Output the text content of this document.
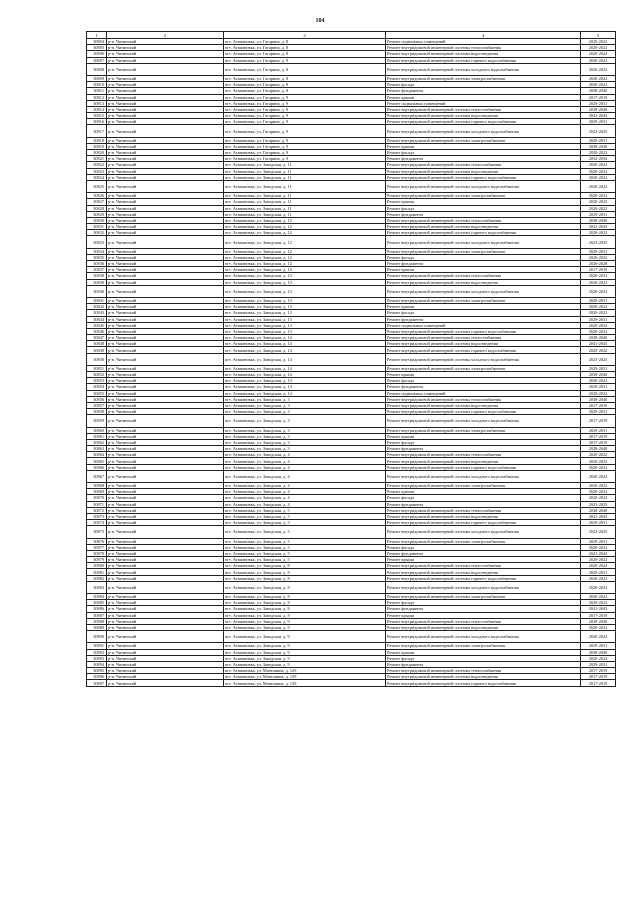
104
1	2	3	4	5
30804	р-н. Читинский	пгт. Атамановка, ул. Гагарина, д. 8	Ремонт подвальных помещений	2020-2022
30805	р-н. Читинский	пгт. Атамановка, ул. Гагарина, д. 8	Ремонт внутридомовой инженерной системы теплоснабжения	2020-2022
30806	р-н. Читинский	пгт. Атамановка, ул. Гагарина, д. 8	Ремонт внутридомовой инженерной системы водоотведения	2020-2022
30807	р-н. Читинский	пгт. Атамановка, ул. Гагарина, д. 8	Ремонт внутридомовой инженерной системы горячего водоснабжения	2020-2022
30808	р-н. Читинский	пгт. Атамановка, ул. Гагарина, д. 8	Ремонт внутридомовой инженерной системы холодного водоснабжения	2020-2022
30809	р-н. Читинский	пгт. Атамановка, ул. Гагарина, д. 8	Ремонт внутридомовой инженерной системы электроснабжения	2020-2022
30810	р-н. Читинский	пгт. Атамановка, ул. Гагарина, д. 8	Ремонт фасада	2020-2022
30811	р-н. Читинский	пгт. Атамановка, ул. Гагарина, д. 8	Ремонт фундамента	2038-2040
30812	р-н. Читинский	пгт. Атамановка, ул. Гагарина, д. 9	Ремонт крыши	2017-2019
30813	р-н. Читинский	пгт. Атамановка, ул. Гагарина, д. 9	Ремонт подвальных помещений	2029-2031
30814	р-н. Читинский	пгт. Атамановка, ул. Гагарина, д. 9	Ремонт внутридомовой инженерной системы теплоснабжения	2038-2040
30815	р-н. Читинский	пгт. Атамановка, ул. Гагарина, д. 9	Ремонт внутридомовой инженерной системы водоотведения	2041-2043
30816	р-н. Читинский	пгт. Атамановка, ул. Гагарина, д. 9	Ремонт внутридомовой инженерной системы горячего водоснабжения	2029-2031
30817	р-н. Читинский	пгт. Атамановка, ул. Гагарина, д. 9	Ремонт внутридомовой инженерной системы холодного водоснабжения	2023-2025
30818	р-н. Читинский	пгт. Атамановка, ул. Гагарина, д. 9	Ремонт внутридомовой инженерной системы электроснабжения	2029-2031
30819	р-н. Читинский	пгт. Атамановка, ул. Гагарина, д. 9	Ремонт крыши	2038-2040
30820	р-н. Читинский	пгт. Атамановка, ул. Гагарина, д. 9	Ремонт фасада	2020-2022
30821	р-н. Читинский	пгт. Атамановка, ул. Гагарина, д. 9	Ремонт фундамента	2032-2034
30822	р-н. Читинский	пгт. Атамановка, ул. Заводская, д. 11	Ремонт внутридомовой инженерной системы теплоснабжения	2020-2022
30823	р-н. Читинский	пгт. Атамановка, ул. Заводская, д. 11	Ремонт внутридомовой инженерной системы водоотведения	2020-2022
30824	р-н. Читинский	пгт. Атамановка, ул. Заводская, д. 11	Ремонт внутридомовой инженерной системы горячего водоснабжения	2020-2022
30825	р-н. Читинский	пгт. Атамановка, ул. Заводская, д. 11	Ремонт внутридомовой инженерной системы холодного водоснабжения	2020-2022
30826	р-н. Читинский	пгт. Атамановка, ул. Заводская, д. 11	Ремонт внутридомовой инженерной системы электроснабжения	2020-2022
30827	р-н. Читинский	пгт. Атамановка, ул. Заводская, д. 11	Ремонт крыши	2020-2022
30828	р-н. Читинский	пгт. Атамановка, ул. Заводская, д. 11	Ремонт фасада	2020-2022
30829	р-н. Читинский	пгт. Атамановка, ул. Заводская, д. 11	Ремонт фундамента	2029-2031
30830	р-н. Читинский	пгт. Атамановка, ул. Заводская, д. 12	Ремонт внутридомовой инженерной системы теплоснабжения	2038-2040
30831	р-н. Читинский	пгт. Атамановка, ул. Заводская, д. 12	Ремонт внутридомовой инженерной системы водоотведения	2041-2043
30832	р-н. Читинский	пгт. Атамановка, ул. Заводская, д. 12	Ремонт внутридомовой инженерной системы горячего водоснабжения	2020-2022
30833	р-н. Читинский	пгт. Атамановка, ул. Заводская, д. 12	Ремонт внутридомовой инженерной системы холодного водоснабжения	2023-2025
30834	р-н. Читинский	пгт. Атамановка, ул. Заводская, д. 12	Ремонт внутридомовой инженерной системы электроснабжения	2029-2031
30835	р-н. Читинский	пгт. Атамановка, ул. Заводская, д. 12	Ремонт фасада	2020-2022
30836	р-н. Читинский	пгт. Атамановка, ул. Заводская, д. 12	Ремонт фундамента	2026-2028
30837	р-н. Читинский	пгт. Атамановка, ул. Заводская, д. 13	Ремонт крыши	2017-2019
30838	р-н. Читинский	пгт. Атамановка, ул. Заводская, д. 13	Ремонт внутридомовой инженерной системы теплоснабжения	2020-2022
30839	р-н. Читинский	пгт. Атамановка, ул. Заводская, д. 13	Ремонт внутридомовой инженерной системы водоотведения	2020-2022
30840	р-н. Читинский	пгт. Атамановка, ул. Заводская, д. 13	Ремонт внутридомовой инженерной системы холодного водоснабжения	2020-2022
30841	р-н. Читинский	пгт. Атамановка, ул. Заводская, д. 13	Ремонт внутридомовой инженерной системы электроснабжения	2029-2031
30842	р-н. Читинский	пгт. Атамановка, ул. Заводская, д. 13	Ремонт крыши	2020-2022
30843	р-н. Читинский	пгт. Атамановка, ул. Заводская, д. 13	Ремонт фасада	2020-2022
30844	р-н. Читинский	пгт. Атамановка, ул. Заводская, д. 13	Ремонт фундамента	2029-2031
30845	р-н. Читинский	пгт. Атамановка, ул. Заводская, д. 13	Ремонт подвальных помещений	2020-2022
30846	р-н. Читинский	пгт. Атамановка, ул. Заводская, д. 13	Ремонт внутридомовой инженерной системы горячего водоснабжения	2020-2022
30847	р-н. Читинский	пгт. Атамановка, ул. Заводская, д. 14	Ремонт внутридомовой инженерной системы теплоснабжения	2038-2040
30848	р-н. Читинский	пгт. Атамановка, ул. Заводская, д. 14	Ремонт внутридомовой инженерной системы водоотведения	2041-2043
30849	р-н. Читинский	пгт. Атамановка, ул. Заводская, д. 14	Ремонт внутридомовой инженерной системы горячего водоснабжения	2020-2022
30850	р-н. Читинский	пгт. Атамановка, ул. Заводская, д. 14	Ремонт внутридомовой инженерной системы холодного водоснабжения	2023-2025
30851	р-н. Читинский	пгт. Атамановка, ул. Заводская, д. 14	Ремонт внутридомовой инженерной системы электроснабжения	2029-2031
30852	р-н. Читинский	пгт. Атамановка, ул. Заводская, д. 14	Ремонт крыши	2038-2040
30853	р-н. Читинский	пгт. Атамановка, ул. Заводская, д. 14	Ремонт фасада	2020-2022
30854	р-н. Читинский	пгт. Атамановка, ул. Заводская, д. 14	Ремонт фундамента	2029-2031
30855	р-н. Читинский	пгт. Атамановка, ул. Заводская, д. 14	Ремонт подвальных помещений	2020-2022
30856	р-н. Читинский	пгт. Атамановка, ул. Заводская, д. 3	Ремонт внутридомовой инженерной системы теплоснабжения	2038-2040
30857	р-н. Читинский	пгт. Атамановка, ул. Заводская, д. 3	Ремонт внутридомовой инженерной системы водоотведения	2017-2019
30858	р-н. Читинский	пгт. Атамановка, ул. Заводская, д. 3	Ремонт внутридомовой инженерной системы горячего водоснабжения	2029-2031
30859	р-н. Читинский	пгт. Атамановка, ул. Заводская, д. 3	Ремонт внутридомовой инженерной системы холодного водоснабжения	2017-2019
30860	р-н. Читинский	пгт. Атамановка, ул. Заводская, д. 3	Ремонт внутридомовой инженерной системы электроснабжения	2029-2031
30861	р-н. Читинский	пгт. Атамановка, ул. Заводская, д. 3	Ремонт крыши	2017-2019
30862	р-н. Читинский	пгт. Атамановка, ул. Заводская, д. 3	Ремонт фасада	2017-2019
30863	р-н. Читинский	пгт. Атамановка, ул. Заводская, д. 3	Ремонт фундамента	2038-2040
30864	р-н. Читинский	пгт. Атамановка, ул. Заводская, д. 4	Ремонт внутридомовой инженерной системы теплоснабжения	2020-2022
30865	р-н. Читинский	пгт. Атамановка, ул. Заводская, д. 4	Ремонт внутридомовой инженерной системы водоотведения	2020-2022
30866	р-н. Читинский	пгт. Атамановка, ул. Заводская, д. 4	Ремонт внутридомовой инженерной системы горячего водоснабжения	2020-2022
30867	р-н. Читинский	пгт. Атамановка, ул. Заводская, д. 4	Ремонт внутридомовой инженерной системы холодного водоснабжения	2020-2022
30868	р-н. Читинский	пгт. Атамановка, ул. Заводская, д. 4	Ремонт внутридомовой инженерной системы электроснабжения	2020-2022
30869	р-н. Читинский	пгт. Атамановка, ул. Заводская, д. 4	Ремонт крыши	2020-2022
30870	р-н. Читинский	пгт. Атамановка, ул. Заводская, д. 4	Ремонт фасада	2020-2022
30871	р-н. Читинский	пгт. Атамановка, ул. Заводская, д. 4	Ремонт фундамента	2023-2025
30872	р-н. Читинский	пгт. Атамановка, ул. Заводская, д. 5	Ремонт внутридомовой инженерной системы теплоснабжения	2038-2040
30873	р-н. Читинский	пгт. Атамановка, ул. Заводская, д. 5	Ремонт внутридомовой инженерной системы водоотведения	2041-2043
30874	р-н. Читинский	пгт. Атамановка, ул. Заводская, д. 5	Ремонт внутридомовой инженерной системы горячего водоснабжения	2029-2031
30875	р-н. Читинский	пгт. Атамановка, ул. Заводская, д. 5	Ремонт внутридомовой инженерной системы холодного водоснабжения	2023-2025
30876	р-н. Читинский	пгт. Атамановка, ул. Заводская, д. 5	Ремонт внутридомовой инженерной системы электроснабжения	2029-2031
30877	р-н. Читинский	пгт. Атамановка, ул. Заводская, д. 5	Ремонт фасада	2020-2022
30878	р-н. Читинский	пгт. Атамановка, ул. Заводская, д. 5	Ремонт фундамента	2041-2043
30879	р-н. Читинский	пгт. Атамановка, ул. Заводская, д. 5	Ремонт крыши	2020-2022
30880	р-н. Читинский	пгт. Атамановка, ул. Заводская, д. 8	Ремонт внутридомовой инженерной системы теплоснабжения	2020-2022
30881	р-н. Читинский	пгт. Атамановка, ул. Заводская, д. 8	Ремонт внутридомовой инженерной системы водоотведения	2029-2031
30882	р-н. Читинский	пгт. Атамановка, ул. Заводская, д. 8	Ремонт внутридомовой инженерной системы горячего водоснабжения	2020-2022
30883	р-н. Читинский	пгт. Атамановка, ул. Заводская, д. 8	Ремонт внутридомовой инженерной системы холодного водоснабжения	2020-2022
30884	р-н. Читинский	пгт. Атамановка, ул. Заводская, д. 8	Ремонт внутридомовой инженерной системы электроснабжения	2020-2022
30885	р-н. Читинский	пгт. Атамановка, ул. Заводская, д. 8	Ремонт фасада	2020-2022
30886	р-н. Читинский	пгт. Атамановка, ул. Заводская, д. 8	Ремонт фундамента	2041-2043
30887	р-н. Читинский	пгт. Атамановка, ул. Заводская, д. 8	Ремонт крыши	2017-2019
30888	р-н. Читинский	пгт. Атамановка, ул. Заводская, д. 9	Ремонт внутридомовой инженерной системы теплоснабжения	2038-2040
30889	р-н. Читинский	пгт. Атамановка, ул. Заводская, д. 9	Ремонт внутридомовой инженерной системы водоотведения	2020-2022
30890	р-н. Читинский	пгт. Атамановка, ул. Заводская, д. 9	Ремонт внутридомовой инженерной системы холодного водоснабжения	2020-2022
30891	р-н. Читинский	пгт. Атамановка, ул. Заводская, д. 9	Ремонт внутридомовой инженерной системы электроснабжения	2029-2031
30892	р-н. Читинский	пгт. Атамановка, ул. Заводская, д. 9	Ремонт крыши	2038-2040
30893	р-н. Читинский	пгт. Атамановка, ул. Заводская, д. 9	Ремонт фасада	2020-2022
30894	р-н. Читинский	пгт. Атамановка, ул. Заводская, д. 9	Ремонт фундамента	2029-2031
30895	р-н. Читинский	пгт. Атамановка, ул. Матюшина, д. 129	Ремонт внутридомовой инженерной системы теплоснабжения	2017-2019
30896	р-н. Читинский	пгт. Атамановка, ул. Матюшина, д. 129	Ремонт внутридомовой инженерной системы водоотведения	2017-2019
30897	р-н. Читинский	пгт. Атамановка, ул. Матюшина, д. 129	Ремонт внутридомовой инженерной системы горячего водоснабжения	2017-2019
